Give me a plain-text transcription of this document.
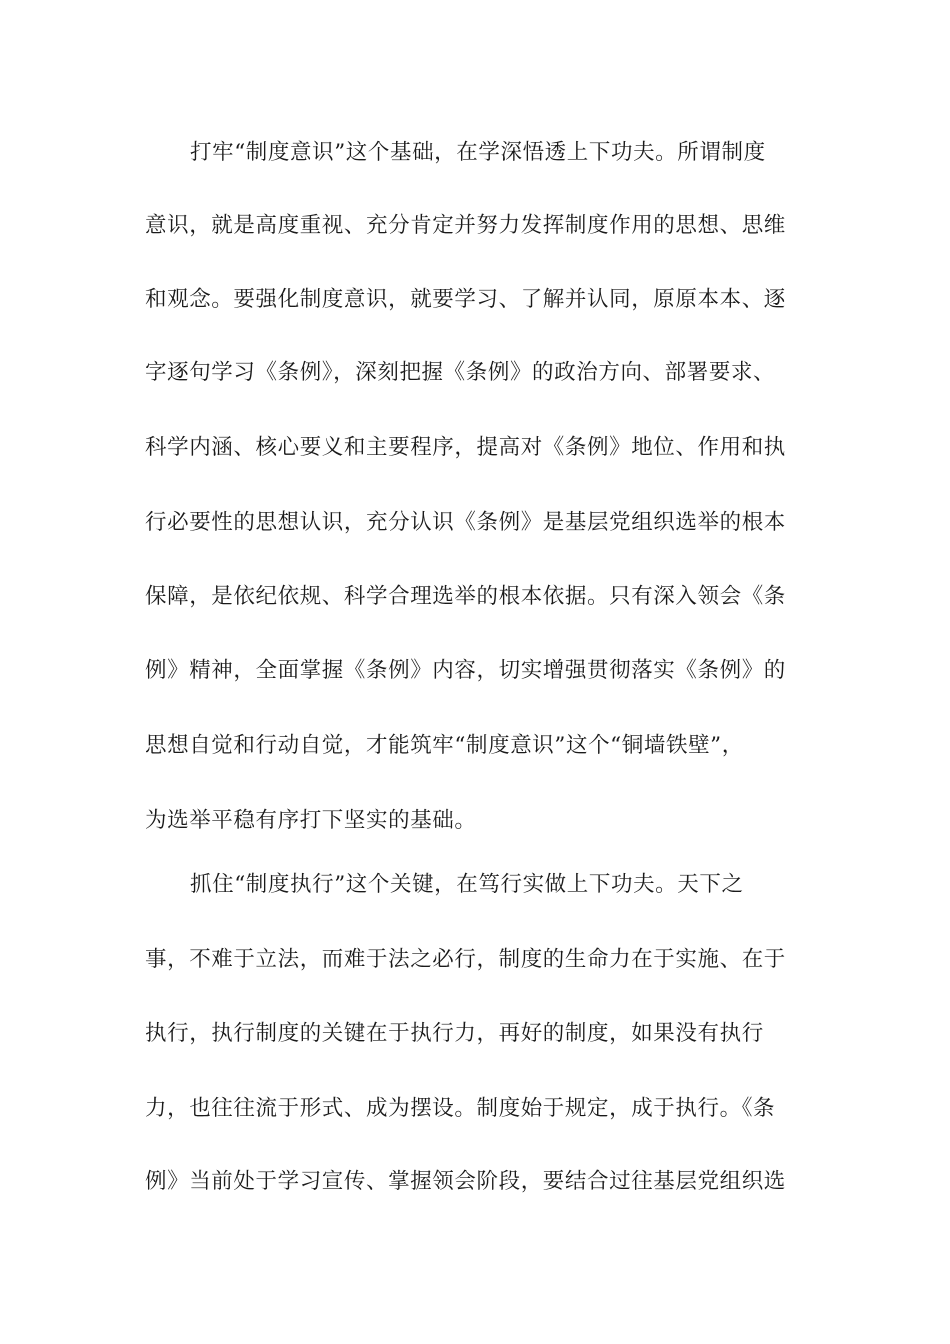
打牢“制度意识”这个基础，在学深悟透上下功夫。所谓制度
意识，就是高度重视、充分肯定并努力发挥制度作用的思想、思维
和观念。要强化制度意识，就要学习、了解并认同，原原本本、逐
字逐句学习《条例》，深刻把握《条例》的政治方向、部署要求、
科学内涵、核心要义和主要程序，提高对《条例》地位、作用和执
行必要性的思想认识，充分认识《条例》是基层党组织选举的根本
保障，是依纪依规、科学合理选举的根本依据。只有深入领会《条
例》精神，全面掌握《条例》内容，切实增强贯彻落实《条例》的
思想自觉和行动自觉，才能筑牢“制度意识”这个“铜墙铁壁”，
为选举平稳有序打下坚实的基础。
抓住“制度执行”这个关键，在笃行实做上下功夫。天下之
事，不难于立法，而难于法之必行，制度的生命力在于实施、在于
执行，执行制度的关键在于执行力，再好的制度，如果没有执行
力，也往往流于形式、成为摆设。制度始于规定，成于执行。《条
例》当前处于学习宣传、掌握领会阶段，要结合过往基层党组织选
